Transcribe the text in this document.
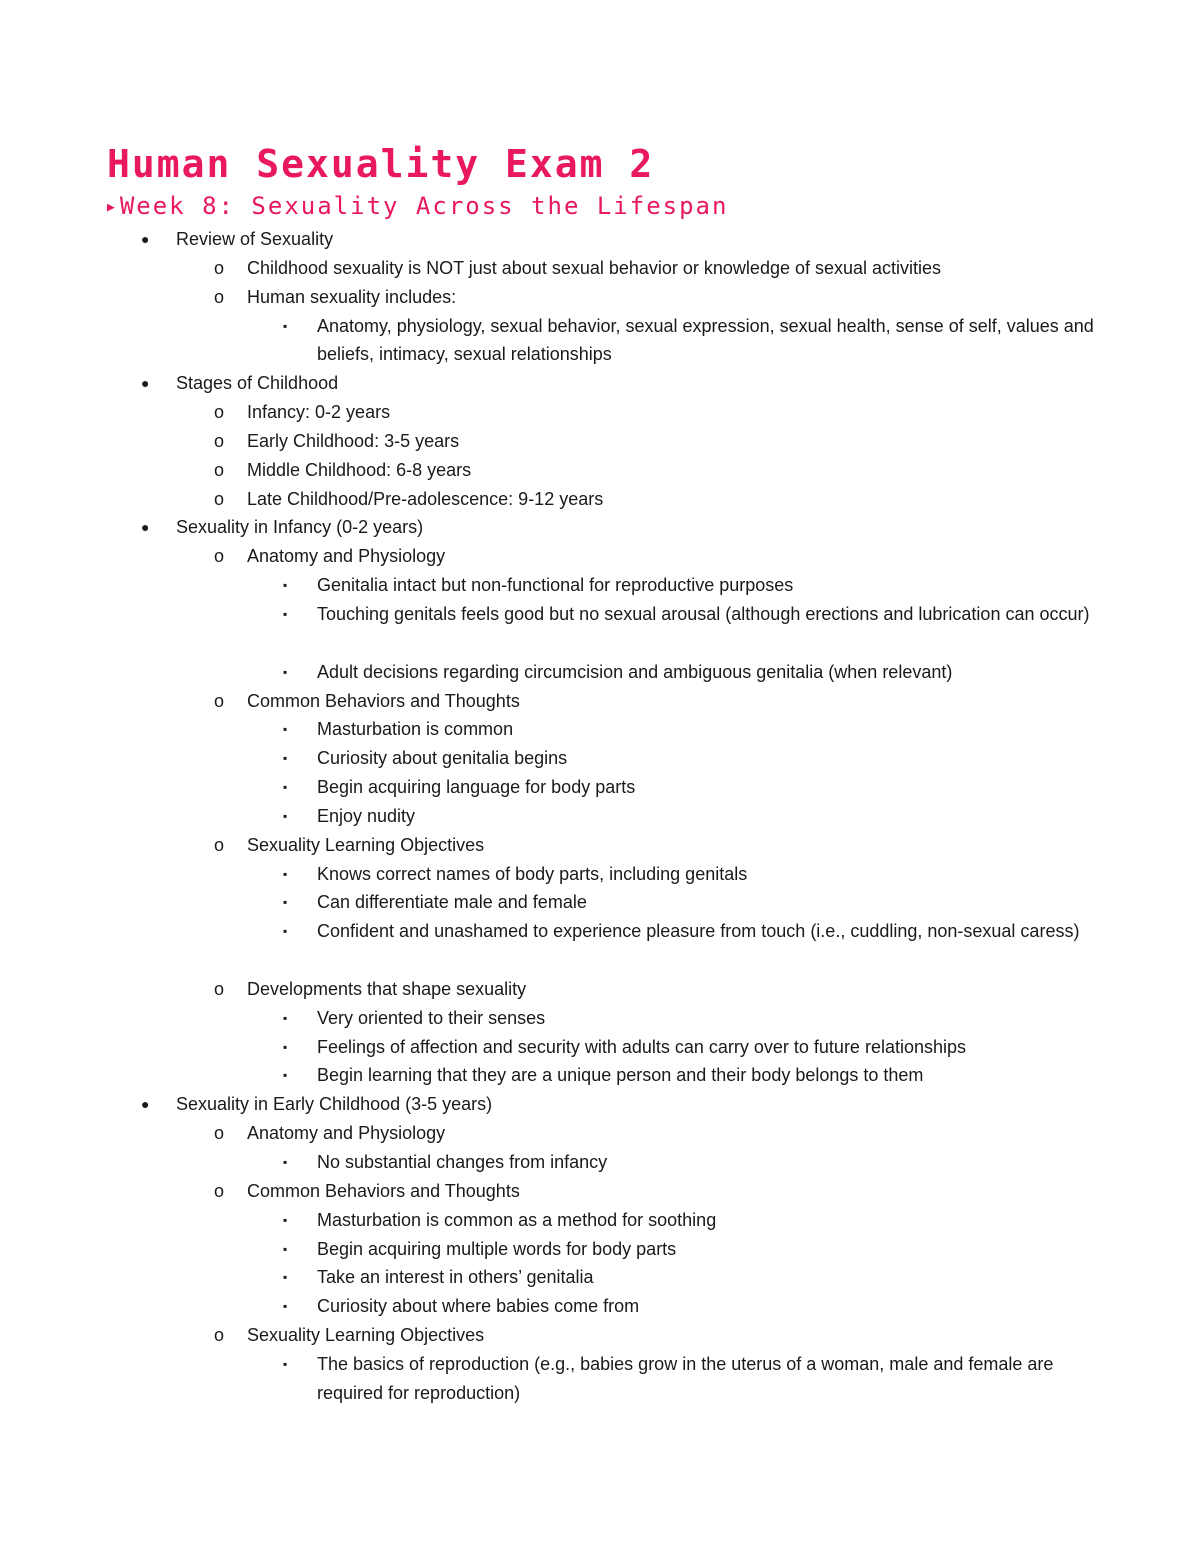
Human Sexuality Exam 2
▶ Week 8: Sexuality Across the Lifespan
● Review of Sexuality
o Childhood sexuality is NOT just about sexual behavior or knowledge of sexual activities
o Human sexuality includes:
▪ Anatomy, physiology, sexual behavior, sexual expression, sexual health, sense of self, values and beliefs, intimacy, sexual relationships
● Stages of Childhood
o Infancy: 0-2 years
o Early Childhood: 3-5 years
o Middle Childhood: 6-8 years
o Late Childhood/Pre-adolescence: 9-12 years
● Sexuality in Infancy (0-2 years)
o Anatomy and Physiology
▪ Genitalia intact but non-functional for reproductive purposes
▪ Touching genitals feels good but no sexual arousal (although erections and lubrication can occur)
▪ Adult decisions regarding circumcision and ambiguous genitalia (when relevant)
o Common Behaviors and Thoughts
▪ Masturbation is common
▪ Curiosity about genitalia begins
▪ Begin acquiring language for body parts
▪ Enjoy nudity
o Sexuality Learning Objectives
▪ Knows correct names of body parts, including genitals
▪ Can differentiate male and female
▪ Confident and unashamed to experience pleasure from touch (i.e., cuddling, non-sexual caress)
o Developments that shape sexuality
▪ Very oriented to their senses
▪ Feelings of affection and security with adults can carry over to future relationships
▪ Begin learning that they are a unique person and their body belongs to them
● Sexuality in Early Childhood (3-5 years)
o Anatomy and Physiology
▪ No substantial changes from infancy
o Common Behaviors and Thoughts
▪ Masturbation is common as a method for soothing
▪ Begin acquiring multiple words for body parts
▪ Take an interest in others’ genitalia
▪ Curiosity about where babies come from
o Sexuality Learning Objectives
▪ The basics of reproduction (e.g., babies grow in the uterus of a woman, male and female are required for reproduction)
